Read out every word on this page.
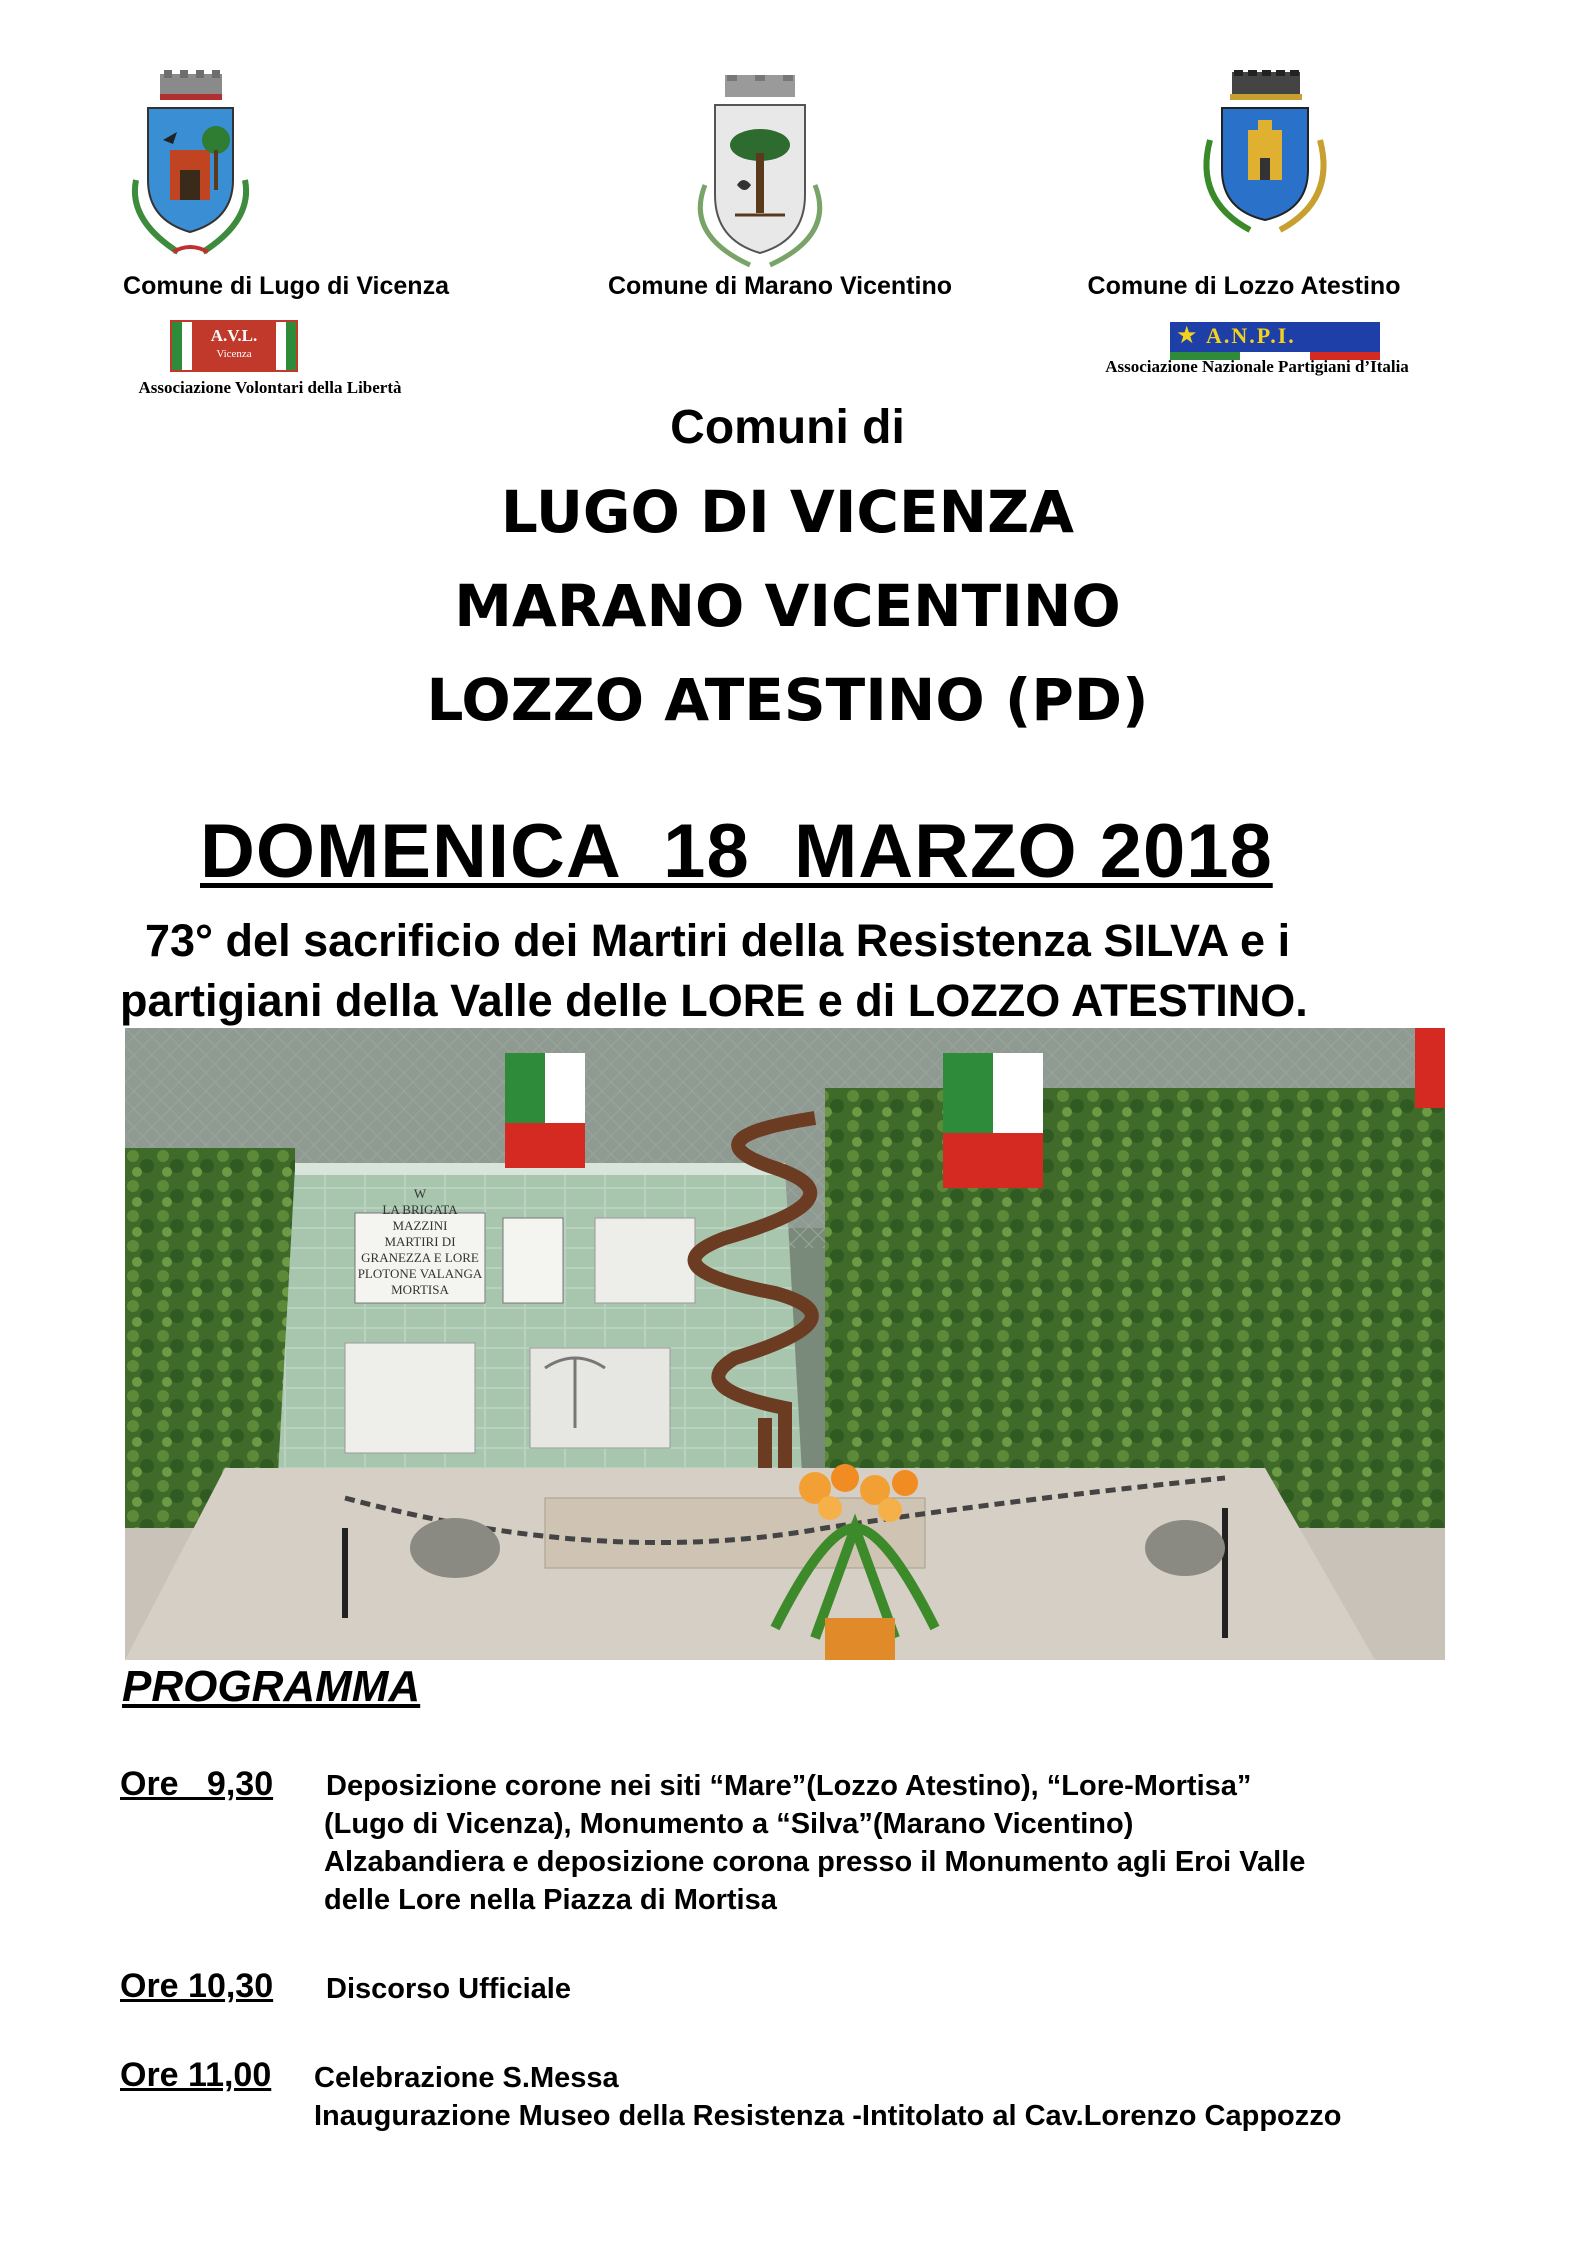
Comune di Lugo di Vicenza	Comune di Marano Vicentino	Comune di Lozzo Atestino
A.V.L.
Vicenza
Associazione Volontari della Libertà
★ A.N.P.I.
Associazione Nazionale Partigiani d’Italia
Comuni di
LUGO DI VICENZA
MARANO VICENTINO
LOZZO ATESTINO (PD)
DOMENICA  18  MARZO 2018
73° del sacrificio dei Martiri della Resistenza SILVA e i
partigiani della Valle delle LORE e di LOZZO ATESTINO.
W
LA BRIGATA MAZZINI
MARTIRI DI
GRANEZZA E LORE
PLOTONE VALANGA
MORTISA
PROGRAMMA
Ore   9,30 Deposizione corone nei siti “Mare”(Lozzo Atestino), “Lore-Mortisa”
(Lugo di Vicenza), Monumento a “Silva”(Marano Vicentino)
Alzabandiera e deposizione corona presso il Monumento agli Eroi Valle
delle Lore nella Piazza di Mortisa
Ore 10,30 Discorso Ufficiale
Ore 11,00 Celebrazione S.Messa
Inaugurazione Museo della Resistenza -Intitolato al Cav.Lorenzo Cappozzo
